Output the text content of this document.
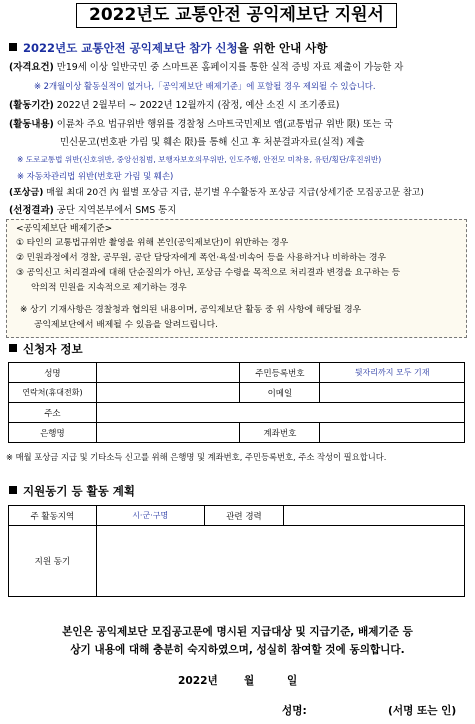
2022년도 교통안전 공익제보단 지원서
2022년도 교통안전 공익제보단 참가 신청을 위한 안내 사항
(자격요건) 만19세 이상 일반국민 중 스마트폰 홈페이지를 통한 실적 증빙 자료 제출이 가능한 자
※ 2개월이상 활동실적이 없거나,「공익제보단 배제기준」에 포함될 경우 제외될 수 있습니다.
(활동기간) 2022년 2월부터 ~ 2022년 12월까지 (잠정, 예산 소진 시 조기종료)
(활동내용) 이륜차 주요 법규위반 행위를 경찰청 스마트국민제보 앱(교통법규 위반 限) 또는 국
민신문고(번호판 가림 및 훼손 限)를 통해 신고 후 처분결과자료(실적) 제출
※ 도로교통법 위반(신호위반, 중앙선침범, 보행자보호의무위반, 인도주행, 안전모 미착용, 유턴/횡단/후진위반)
※ 자동차관리법 위반(번호판 가림 및 훼손)
(포상금) 매월 최대 20건 內 월별 포상금 지급, 분기별 우수활동자 포상금 지급(상세기준 모집공고문 참고)
(선정결과) 공단 지역본부에서 SMS 통지
<공익제보단 배제기준>
① 타인의 교통법규위반 촬영을 위해 본인(공익제보단)이 위반하는 경우
② 민원과정에서 경찰, 공무원, 공단 담당자에게 폭언·욕설·비속어 등을 사용하거나 비하하는 경우
③ 공익신고 처리결과에 대해 단순질의가 아닌, 포상금 수령을 목적으로 처리결과 변경을 요구하는 등
악의적 민원을 지속적으로 제기하는 경우
※ 상기 기재사항은 경찰청과 협의된 내용이며, 공익제보단 활동 중 위 사항에 해당될 경우
공익제보단에서 배제될 수 있음을 알려드립니다.
신청자 정보
성명		주민등록번호	뒷자리까지 모두 기재
연락처(휴대전화)		이메일	
주소			
은행명		계좌번호	
※ 매월 포상금 지급 및 기타소득 신고를 위해 은행명 및 계좌번호, 주민등록번호, 주소 작성이 필요합니다.
지원동기 등 활동 계획
주 활동지역	시·군·구명	관련 경력	
지원 동기			
본인은 공익제보단 모집공고문에 명시된 지급대상 및 지급기준, 배제기준 등
상기 내용에 대해 충분히 숙지하였으며, 성실히 참여할 것에 동의합니다.
2022년 월	일
성명:	(서명 또는 인)
